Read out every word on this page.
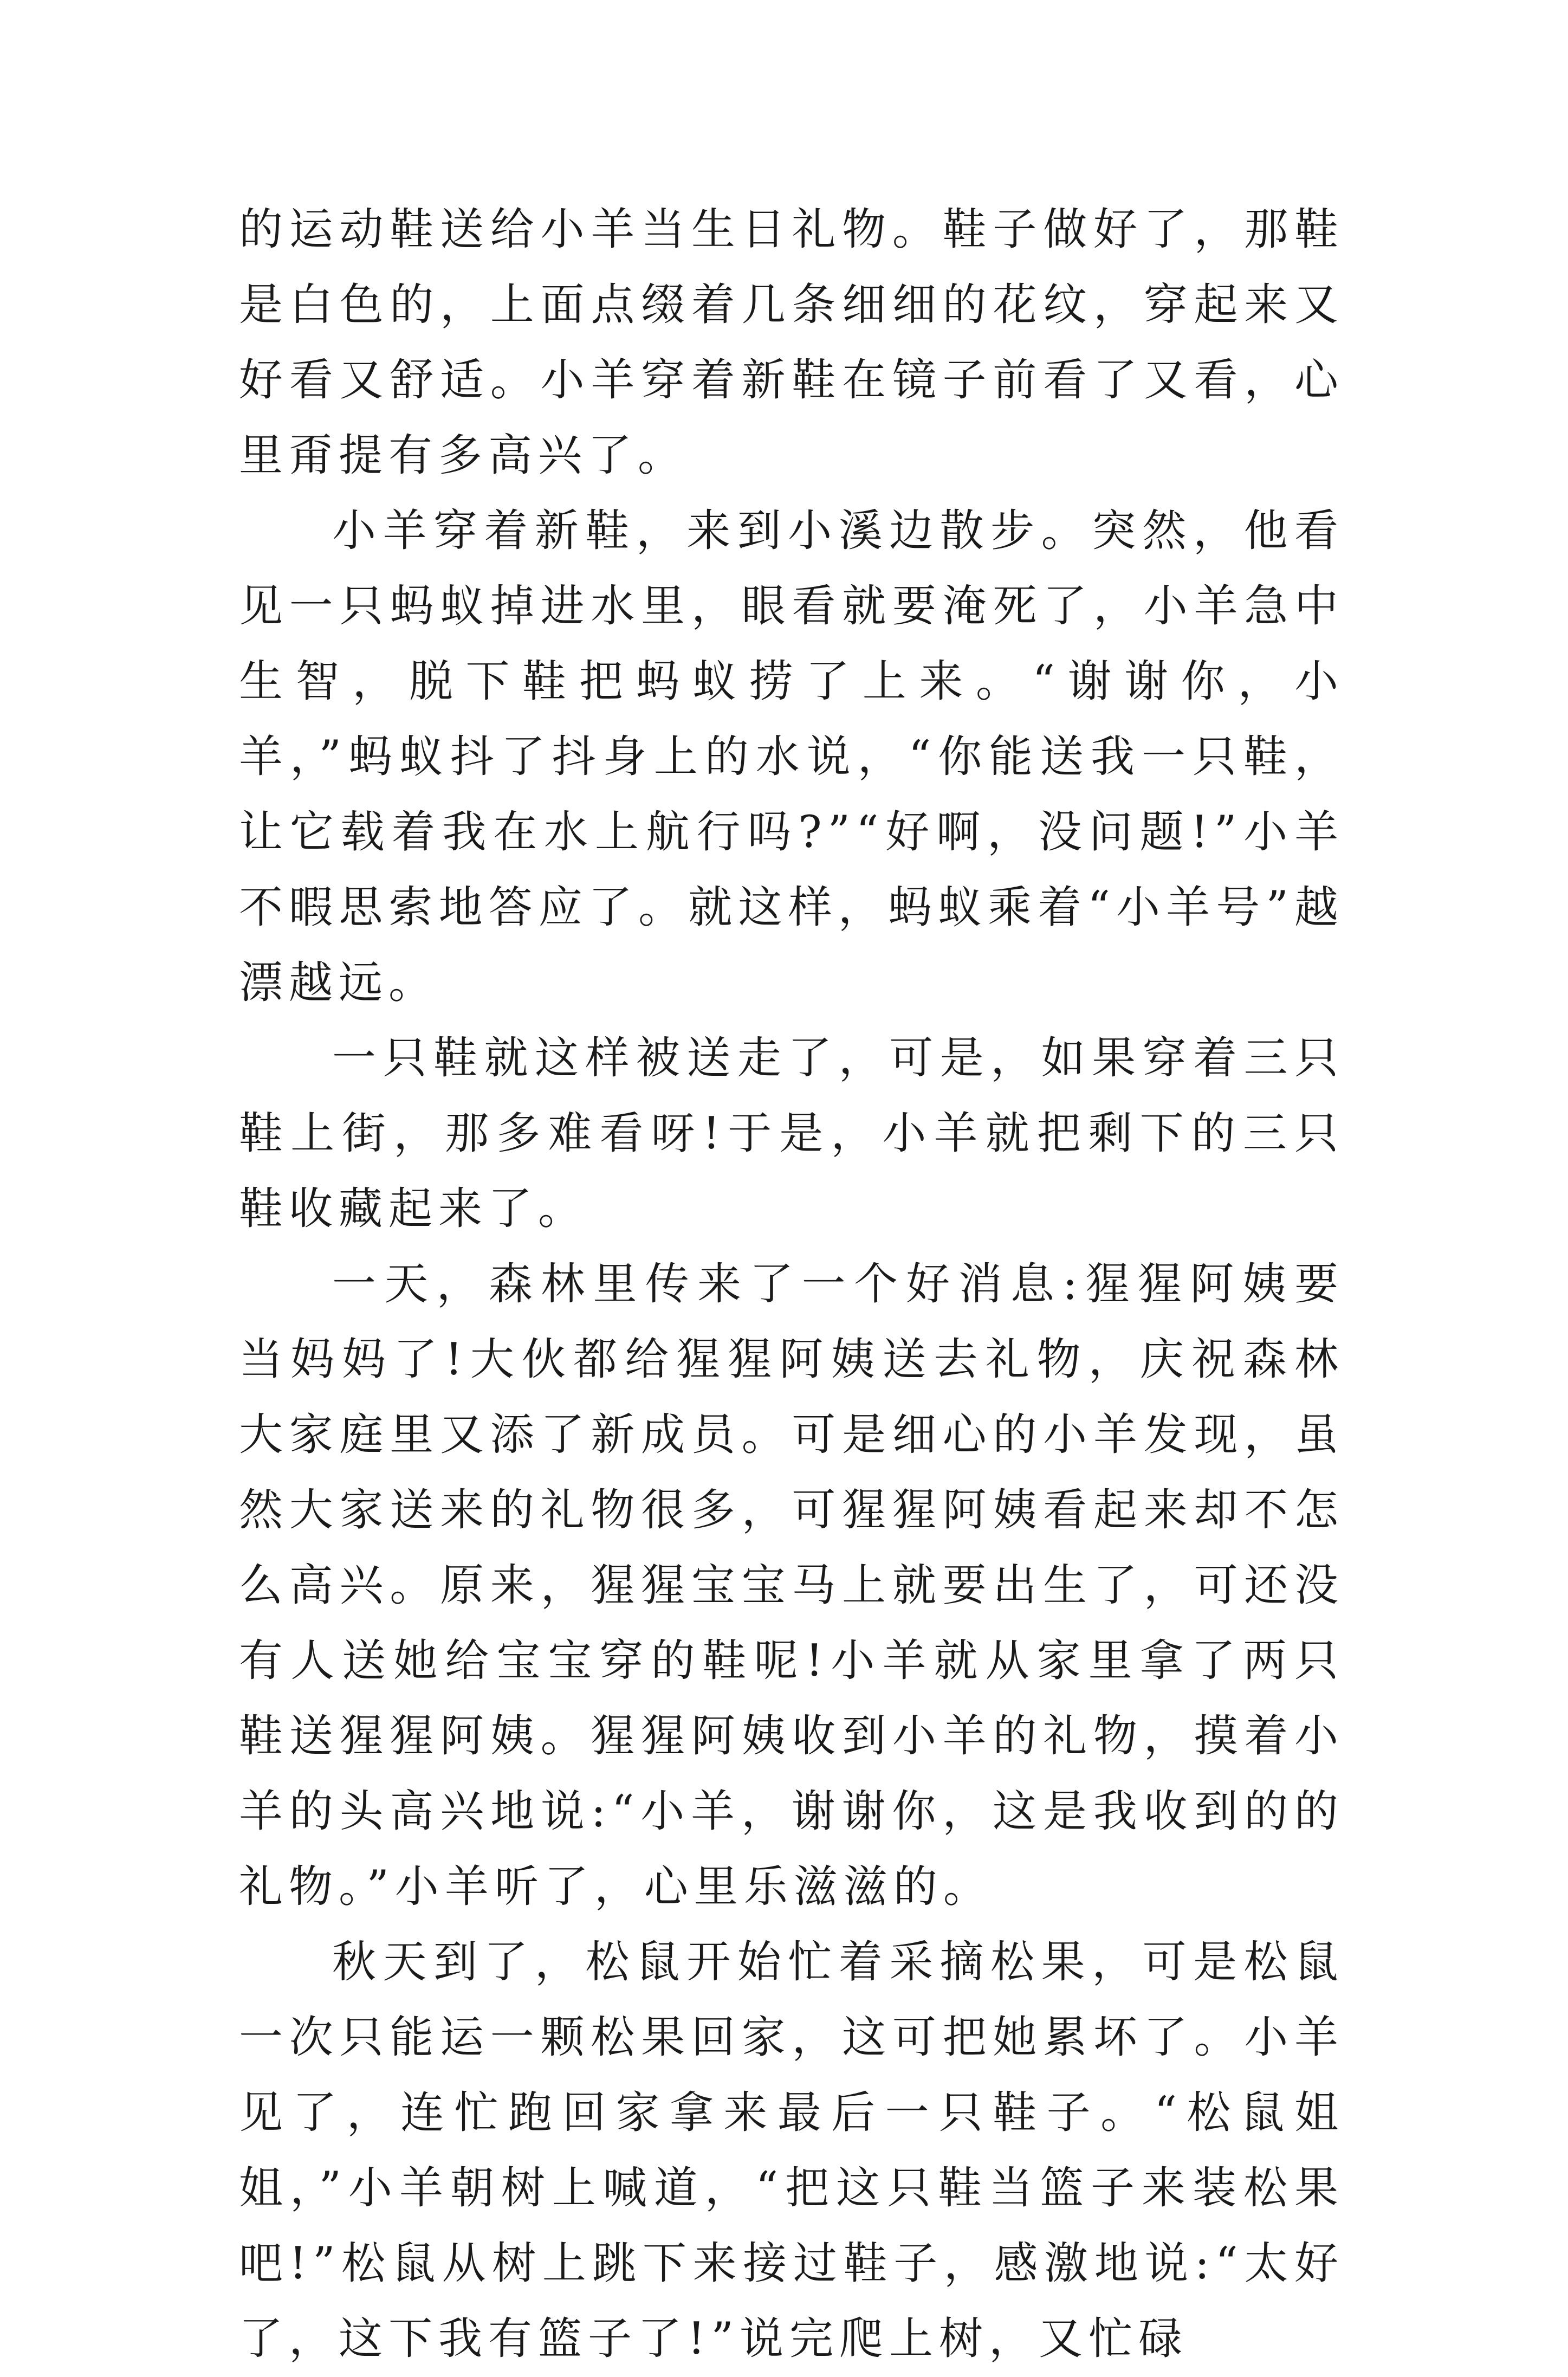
的运动鞋送给小羊当生日礼物。鞋子做好了，那鞋是白色的，上面点缀着几条细细的花纹，穿起来又好看又舒适。小羊穿着新鞋在镜子前看了又看，心里甭提有多高兴了。

小羊穿着新鞋，来到小溪边散步。突然，他看见一只蚂蚁掉进水里，眼看就要淹死了，小羊急中生智，脱下鞋把蚂蚁捞了上来。“谢谢你，小羊，”蚂蚁抖了抖身上的水说，“你能送我一只鞋，让它载着我在水上航行吗?”“好啊，没问题!”小羊不暇思索地答应了。就这样，蚂蚁乘着“小羊号”越漂越远。

一只鞋就这样被送走了，可是，如果穿着三只鞋上街，那多难看呀!于是，小羊就把剩下的三只鞋收藏起来了。

一天，森林里传来了一个好消息:猩猩阿姨要当妈妈了!大伙都给猩猩阿姨送去礼物，庆祝森林大家庭里又添了新成员。可是细心的小羊发现，虽然大家送来的礼物很多，可猩猩阿姨看起来却不怎么高兴。原来，猩猩宝宝马上就要出生了，可还没有人送她给宝宝穿的鞋呢!小羊就从家里拿了两只鞋送猩猩阿姨。猩猩阿姨收到小羊的礼物，摸着小羊的头高兴地说:“小羊，谢谢你，这是我收到的的礼物。”小羊听了，心里乐滋滋的。

秋天到了，松鼠开始忙着采摘松果，可是松鼠一次只能运一颗松果回家，这可把她累坏了。小羊见了，连忙跑回家拿来最后一只鞋子。“松鼠姐姐，”小羊朝树上喊道，“把这只鞋当篮子来装松果吧!”松鼠从树上跳下来接过鞋子，感激地说:“太好了，这下我有篮子了!”说完爬上树，又忙碌
